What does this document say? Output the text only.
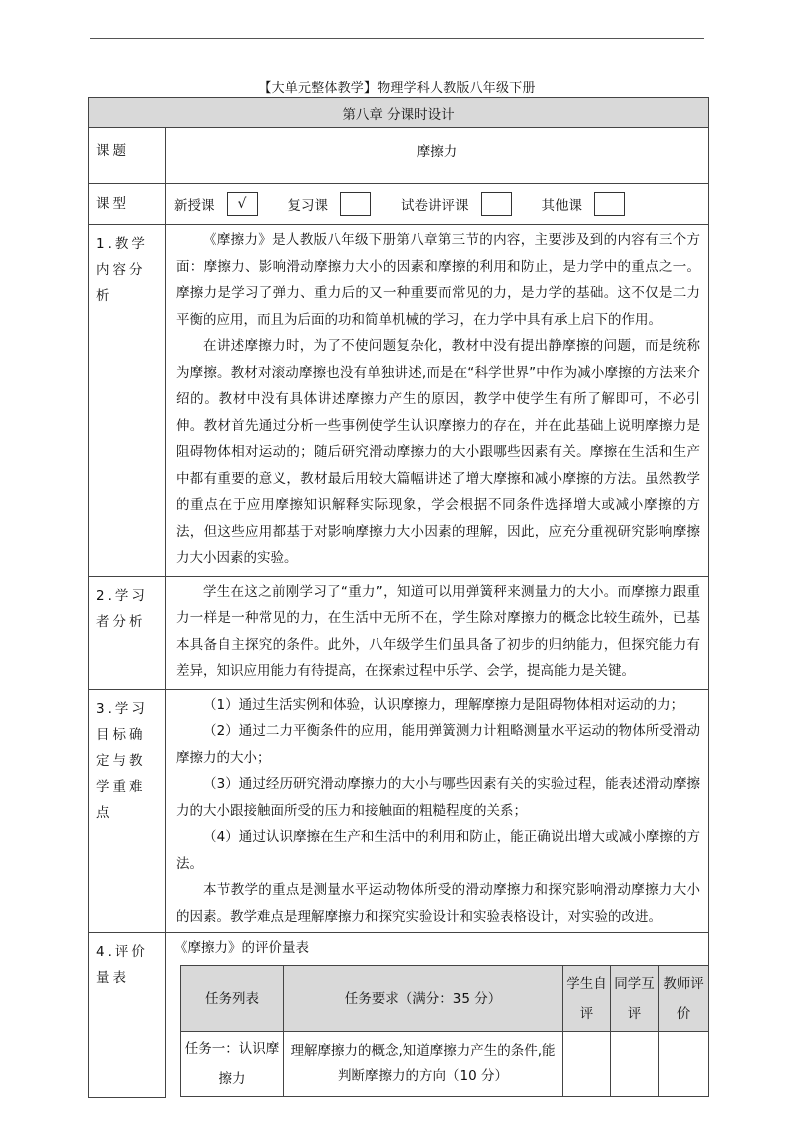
【大单元整体教学】物理学科人教版八年级下册
第八章 分课时设计
课题	摩擦力
课型	新授课	√	复习课	试卷讲评课	其他课

1.教学内容分析	

《摩擦力》是人教版八年级下册第八章第三节的内容，主要涉及到的内容有三个方面：摩擦力、影响滑动摩擦力大小的因素和摩擦的利用和防止，是力学中的重点之一。摩擦力是学习了弹力、重力后的又一种重要而常见的力，是力学的基础。这不仅是二力平衡的应用，而且为后面的功和简单机械的学习，在力学中具有承上启下的作用。

在讲述摩擦力时，为了不使问题复杂化，教材中没有提出静摩擦的问题，而是统称为摩擦。教材对滚动摩擦也没有单独讲述,而是在“科学世界”中作为减小摩擦的方法来介绍的。教材中没有具体讲述摩擦力产生的原因，教学中使学生有所了解即可，不必引伸。教材首先通过分析一些事例使学生认识摩擦力的存在，并在此基础上说明摩擦力是阻碍物体相对运动的；随后研究滑动摩擦力的大小跟哪些因素有关。摩擦在生活和生产中都有重要的意义，教材最后用较大篇幅讲述了增大摩擦和减小摩擦的方法。虽然教学的重点在于应用摩擦知识解释实际现象，学会根据不同条件选择增大或减小摩擦的方法，但这些应用都基于对影响摩擦力大小因素的理解，因此，应充分重视研究影响摩擦力大小因素的实验。

2.学习者分析	

学生在这之前刚学习了“重力”，知道可以用弹簧秤来测量力的大小。而摩擦力跟重力一样是一种常见的力，在生活中无所不在，学生除对摩擦力的概念比较生疏外，已基本具备自主探究的条件。此外，八年级学生们虽具备了初步的归纳能力，但探究能力有差异，知识应用能力有待提高，在探索过程中乐学、会学，提高能力是关键。

3.学习目标确定与教学重难点	

（1）通过生活实例和体验，认识摩擦力，理解摩擦力是阻碍物体相对运动的力；

（2）通过二力平衡条件的应用，能用弹簧测力计粗略测量水平运动的物体所受滑动摩擦力的大小；

（3）通过经历研究滑动摩擦力的大小与哪些因素有关的实验过程，能表述滑动摩擦力的大小跟接触面所受的压力和接触面的粗糙程度的关系；

（4）通过认识摩擦在生产和生活中的利用和防止，能正确说出增大或减小摩擦的方法。

本节教学的重点是测量水平运动物体所受的滑动摩擦力和探究影响滑动摩擦力大小的因素。教学难点是理解摩擦力和探究实验设计和实验表格设计，对实验的改进。

4.评价量表	
《摩擦力》的评价量表
任务列表	任务要求（满分：35 分）	学生自评	同学互评	教师评价
任务一：认识摩擦力	理解摩擦力的概念,知道摩擦力产生的条件,能判断摩擦力的方向（10 分）			
